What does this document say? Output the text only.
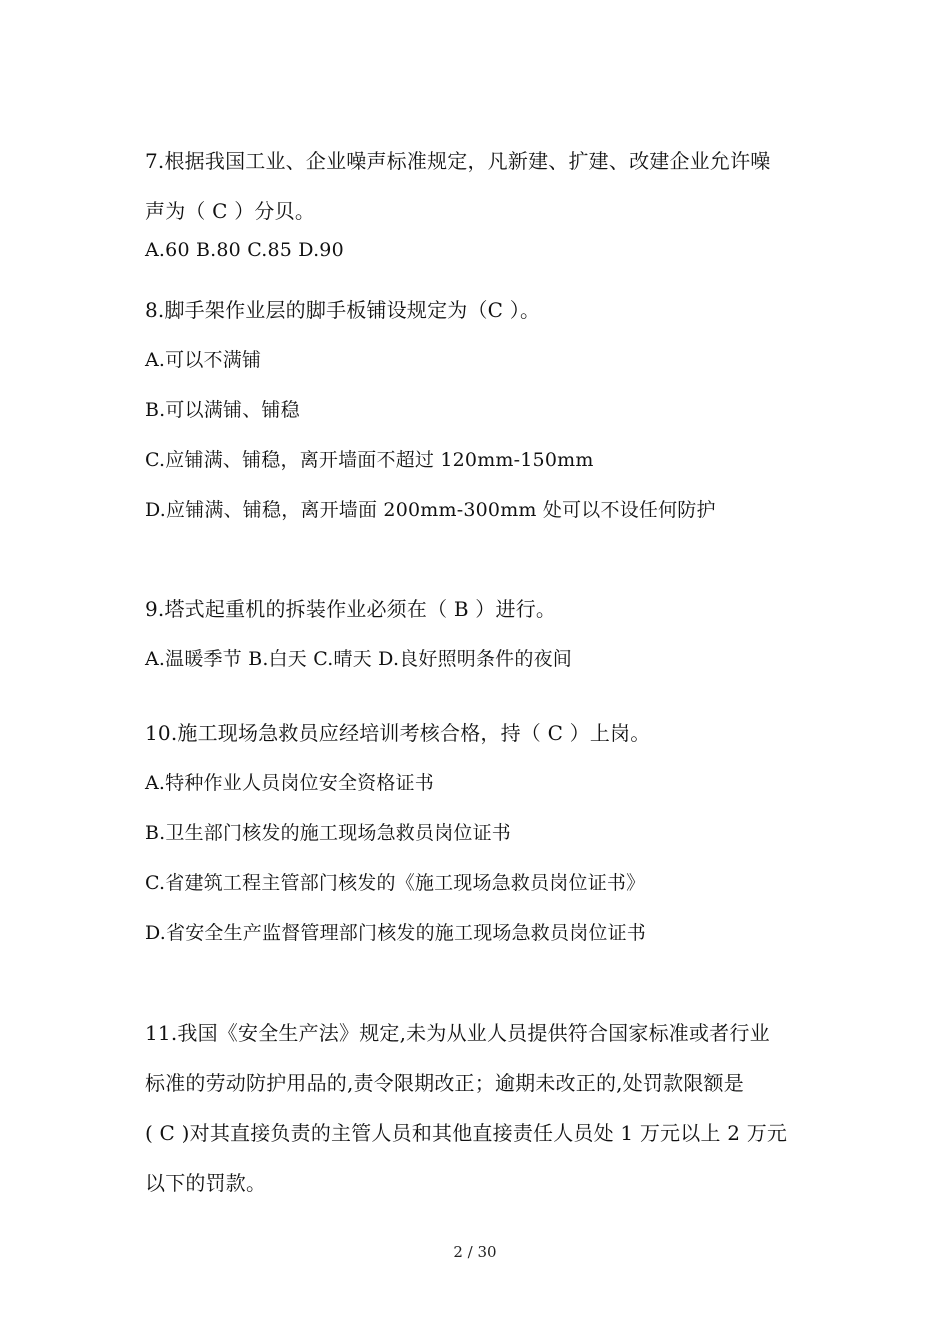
7.根据我国工业、企业噪声标准规定，凡新建、扩建、改建企业允许噪
声为（ C ）分贝。
A.60 B.80 C.85 D.90
8.脚手架作业层的脚手板铺设规定为（C ）。
A.可以不满铺
B.可以满铺、铺稳
C.应铺满、铺稳，离开墙面不超过 120mm-150mm
D.应铺满、铺稳，离开墙面 200mm-300mm 处可以不设任何防护
9.塔式起重机的拆装作业必须在（ B ）进行。
A.温暖季节 B.白天 C.晴天 D.良好照明条件的夜间
10.施工现场急救员应经培训考核合格，持（ C ）上岗。
A.特种作业人员岗位安全资格证书
B.卫生部门核发的施工现场急救员岗位证书
C.省建筑工程主管部门核发的《施工现场急救员岗位证书》
D.省安全生产监督管理部门核发的施工现场急救员岗位证书
11.我国《安全生产法》规定,未为从业人员提供符合国家标准或者行业
标准的劳动防护用品的,责令限期改正；逾期未改正的,处罚款限额是
( C )对其直接负责的主管人员和其他直接责任人员处 1 万元以上 2 万元
以下的罚款。
2 / 30
